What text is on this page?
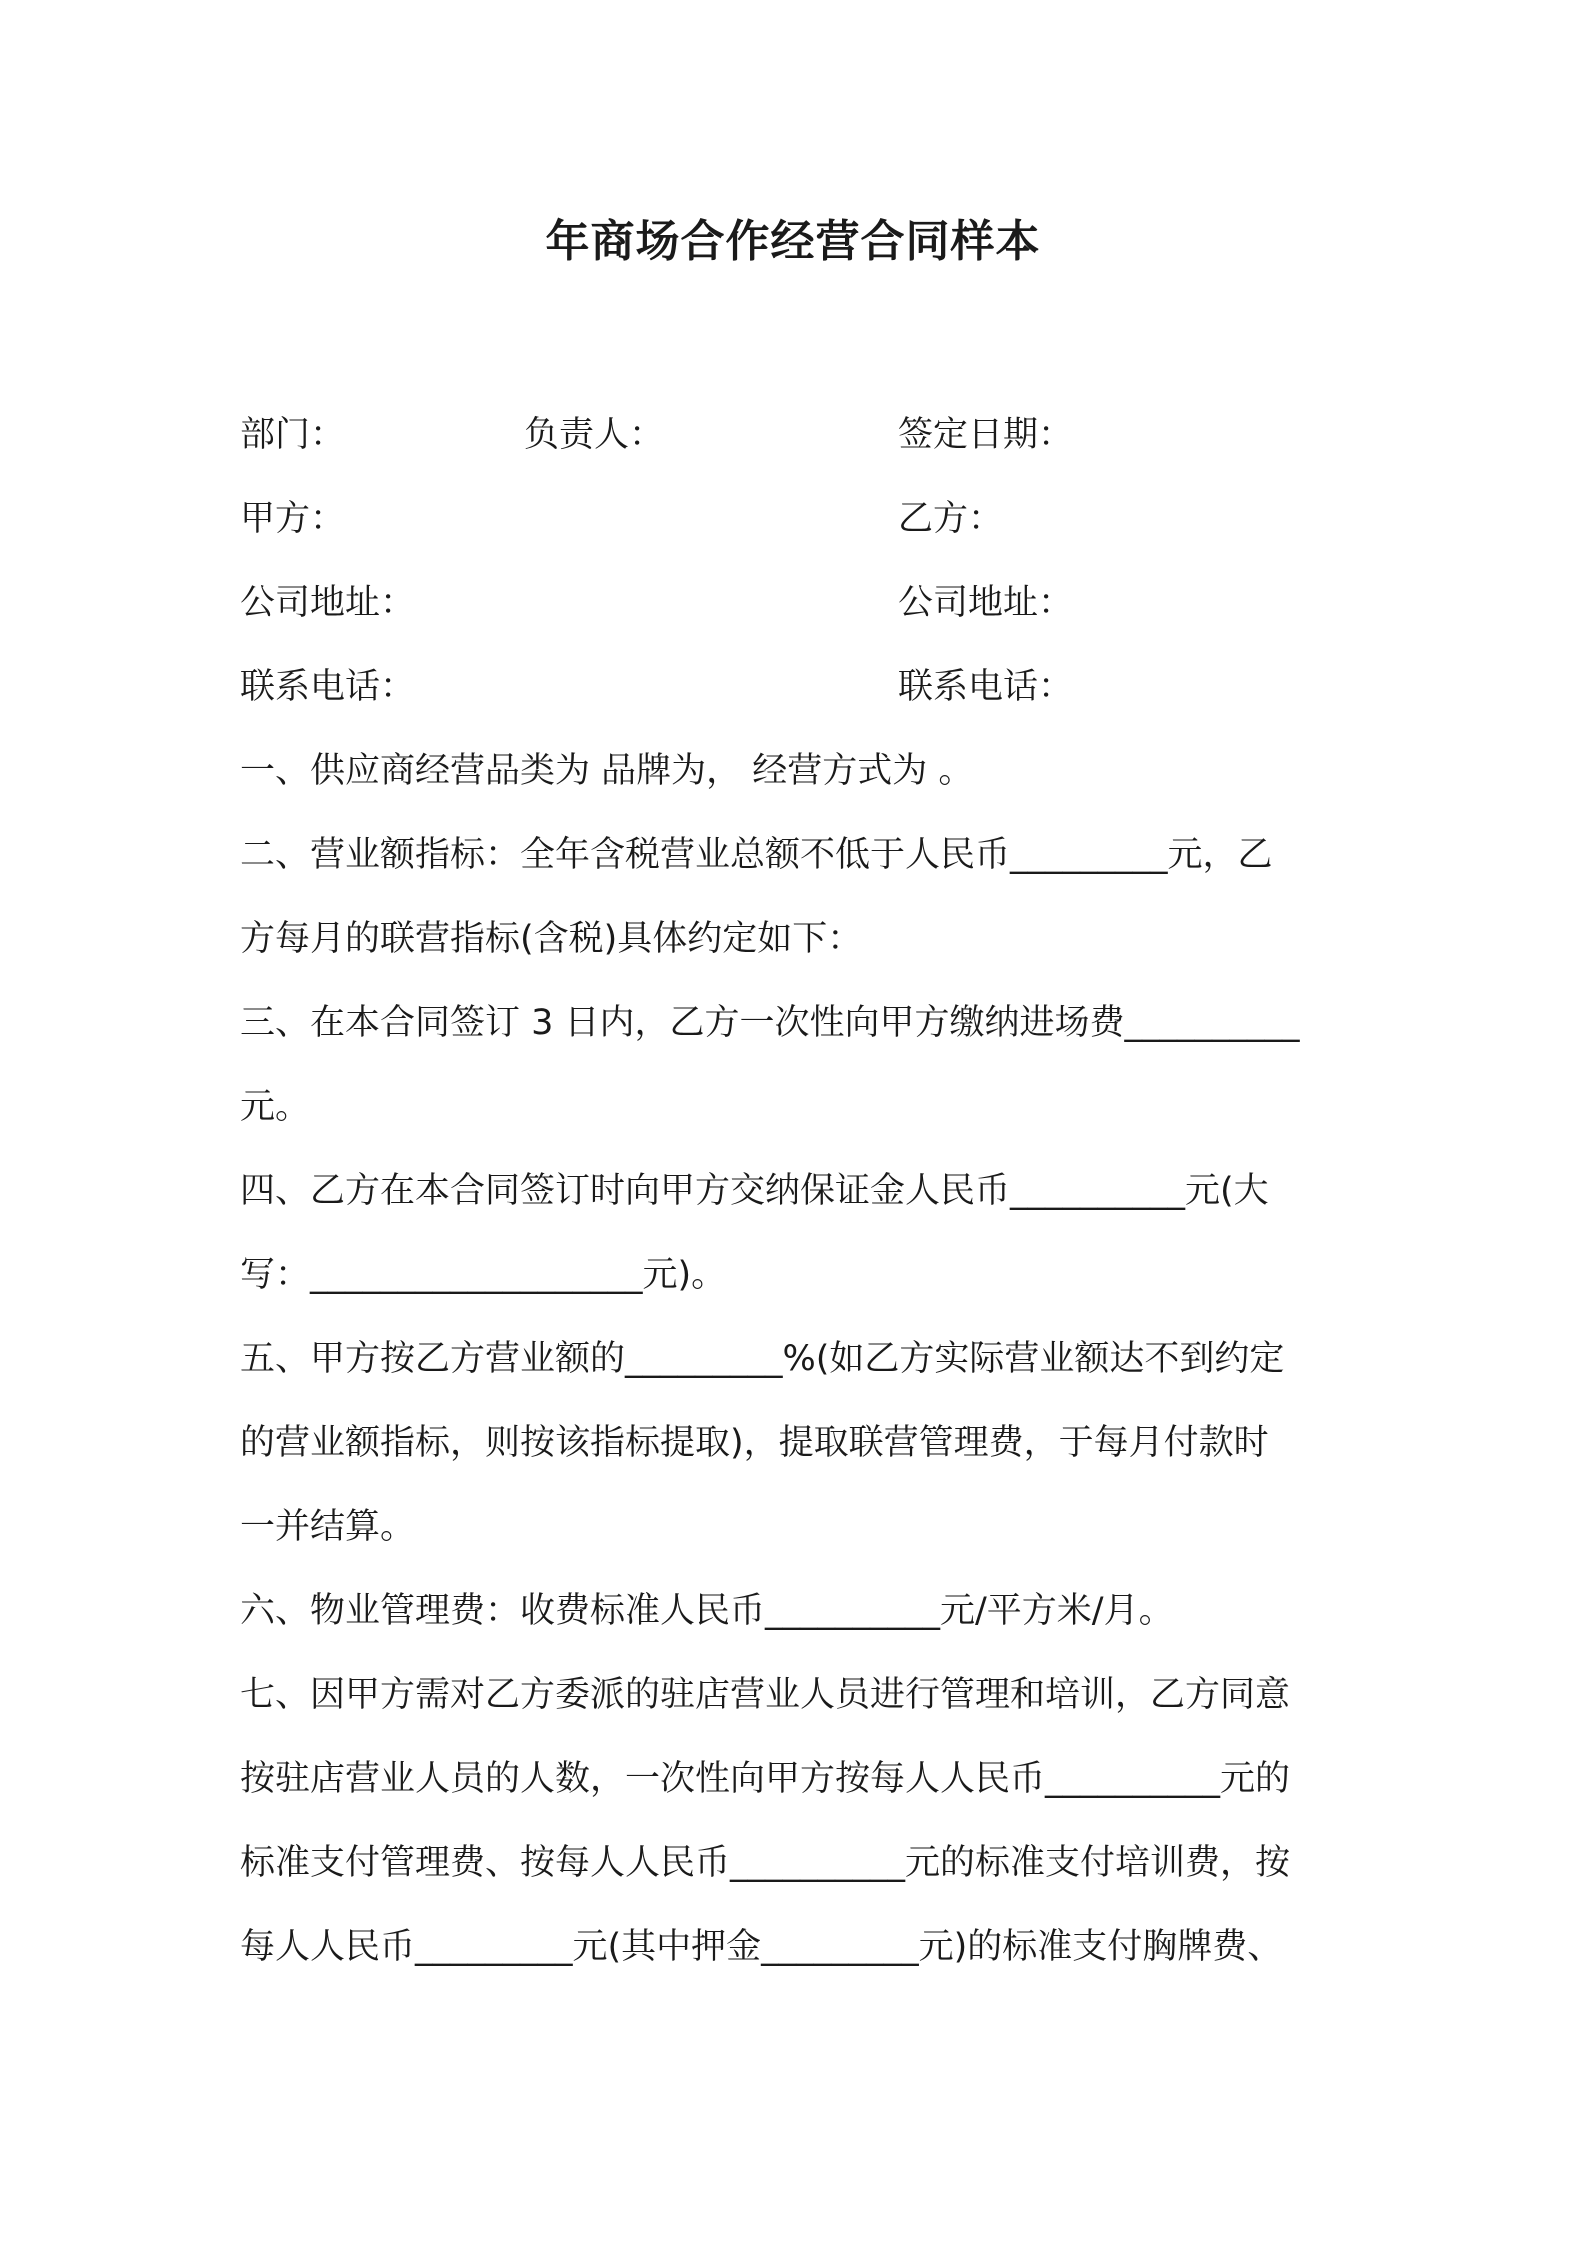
年商场合作经营合同样本
部门：	负责人：	签定日期：
甲方：	乙方：
公司地址：	公司地址：
联系电话：	联系电话：
一、供应商经营品类为 品牌为， 经营方式为 。
二、营业额指标：全年含税营业总额不低于人民币_________元，乙
方每月的联营指标(含税)具体约定如下：
三、在本合同签订 3 日内，乙方一次性向甲方缴纳进场费__________
元。
四、乙方在本合同签订时向甲方交纳保证金人民币__________元(大
写：___________________元)。
五、甲方按乙方营业额的_________%(如乙方实际营业额达不到约定
的营业额指标，则按该指标提取)，提取联营管理费，于每月付款时
一并结算。
六、物业管理费：收费标准人民币__________元/平方米/月。
七、因甲方需对乙方委派的驻店营业人员进行管理和培训，乙方同意
按驻店营业人员的人数，一次性向甲方按每人人民币__________元的
标准支付管理费、按每人人民币__________元的标准支付培训费，按
每人人民币_________元(其中押金_________元)的标准支付胸牌费、
